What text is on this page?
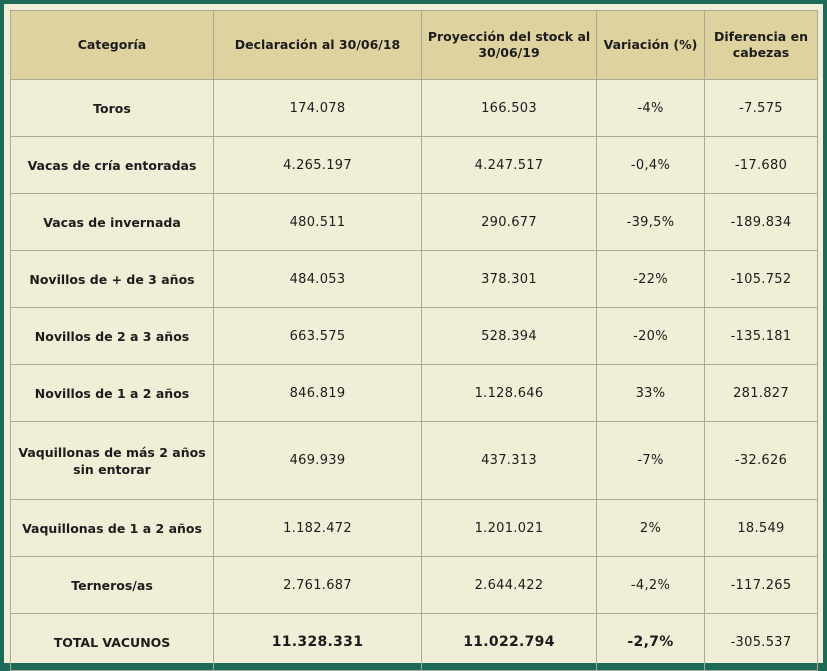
Categoría	Declaración al 30/06/18	Proyección del stock al 30/06/19	Variación (%)	Diferencia en cabezas
Toros	174.078	166.503	-4%	-7.575
Vacas de cría entoradas	4.265.197	4.247.517	-0,4%	-17.680
Vacas de invernada	480.511	290.677	-39,5%	-189.834
Novillos de + de 3 años	484.053	378.301	-22%	-105.752
Novillos de 2 a 3 años	663.575	528.394	-20%	-135.181
Novillos de 1 a 2 años	846.819	1.128.646	33%	281.827
Vaquillonas de más 2 años sin entorar	469.939	437.313	-7%	-32.626
Vaquillonas de 1 a 2 años	1.182.472	1.201.021	2%	18.549
Terneros/as	2.761.687	2.644.422	-4,2%	-117.265
TOTAL VACUNOS	11.328.331	11.022.794	-2,7%	-305.537
